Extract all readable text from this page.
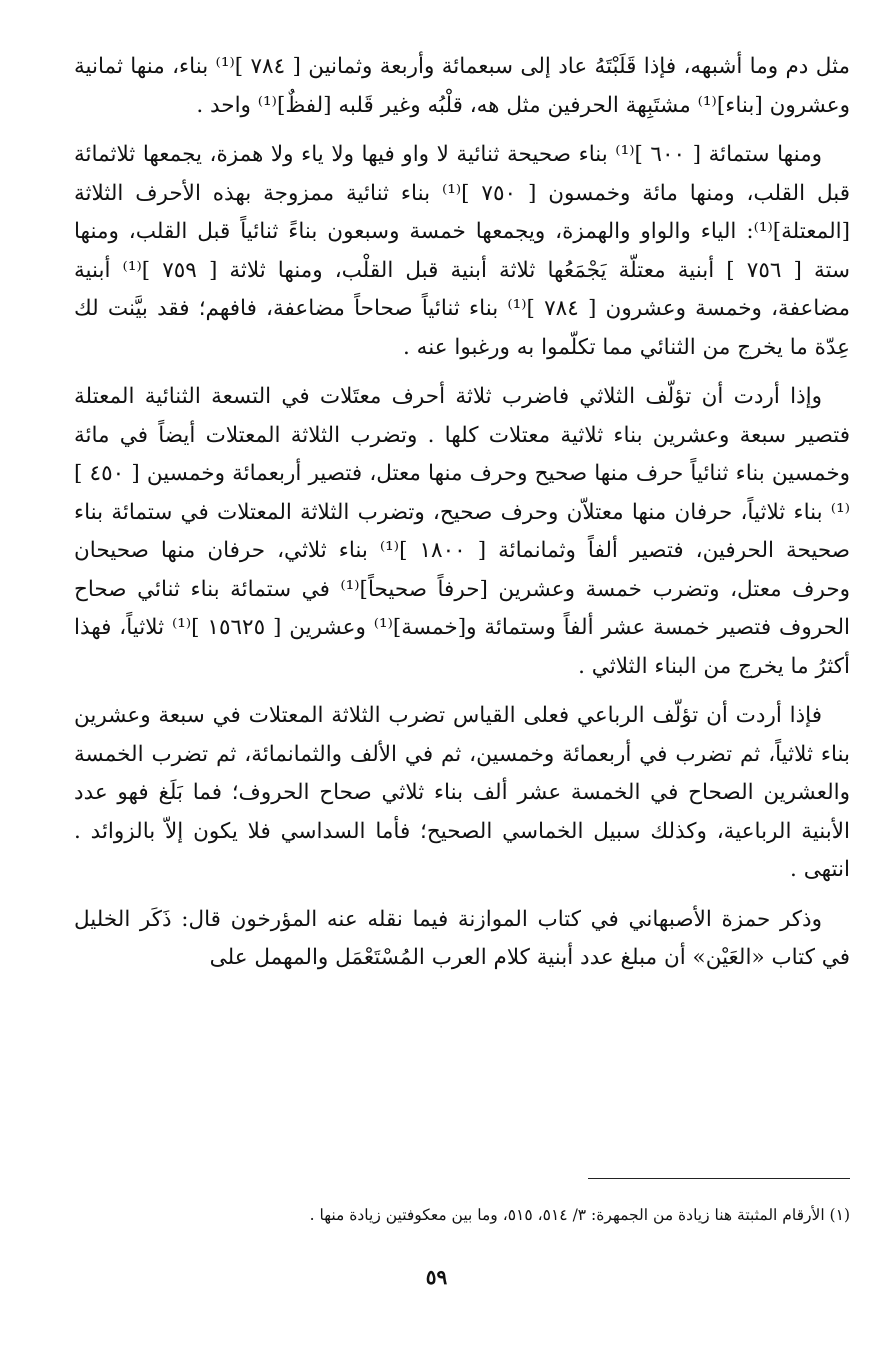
مثل دم وما أشبهه، فإذا قَلَبْتَهُ عاد إلى سبعمائة وأربعة وثمانين [ ٧٨٤ ]⁽¹⁾ بناء، منها ثمانية وعشرون [بناء]⁽¹⁾ مشتَبِهة الحرفين مثل هه، قلْبُه وغير قَلبه [لفظٌ]⁽¹⁾ واحد .

ومنها ستمائة [ ٦٠٠ ]⁽¹⁾ بناء صحيحة ثنائية لا واو فيها ولا ياء ولا همزة، يجمعها ثلاثمائة قبل القلب، ومنها مائة وخمسون [ ٧٥٠ ]⁽¹⁾ بناء ثنائية ممزوجة بهذه الأحرف الثلاثة [المعتلة]⁽¹⁾: الياء والواو والهمزة، ويجمعها خمسة وسبعون بناءً ثنائياً قبل القلب، ومنها ستة [ ٧٥٦ ] أبنية معتلّة يَجْمَعُها ثلاثة أبنية قبل القلْب، ومنها ثلاثة [ ٧٥٩ ]⁽¹⁾ أبنية مضاعفة، وخمسة وعشرون [ ٧٨٤ ]⁽¹⁾ بناء ثنائياً صحاحاً مضاعفة، فافهم؛ فقد بيَّنت لك عِدّة ما يخرج من الثنائي مما تكلّموا به ورغبوا عنه .

وإذا أردت أن تؤلّف الثلاثي فاضرب ثلاثة أحرف معتَلات في التسعة الثنائية المعتلة فتصير سبعة وعشرين بناء ثلاثية معتلات كلها . وتضرب الثلاثة المعتلات أيضاً في مائة وخمسين بناء ثنائياً حرف منها صحيح وحرف منها معتل، فتصير أربعمائة وخمسين [ ٤٥٠ ]⁽¹⁾ بناء ثلاثياً، حرفان منها معتلاّن وحرف صحيح، وتضرب الثلاثة المعتلات في ستمائة بناء صحيحة الحرفين، فتصير ألفاً وثمانمائة [ ١٨٠٠ ]⁽¹⁾ بناء ثلاثي، حرفان منها صحيحان وحرف معتل، وتضرب خمسة وعشرين [حرفاً صحيحاً]⁽¹⁾ في ستمائة بناء ثنائي صحاح الحروف فتصير خمسة عشر ألفاً وستمائة و[خمسة]⁽¹⁾ وعشرين [ ١٥٦٢٥ ]⁽¹⁾ ثلاثياً، فهذا أكثرُ ما يخرج من البناء الثلاثي .

فإذا أردت أن تؤلّف الرباعي فعلى القياس تضرب الثلاثة المعتلات في سبعة وعشرين بناء ثلاثياً، ثم تضرب في أربعمائة وخمسين، ثم في الألف والثمانمائة، ثم تضرب الخمسة والعشرين الصحاح في الخمسة عشر ألف بناء ثلاثي صحاح الحروف؛ فما بَلَغ فهو عدد الأبنية الرباعية، وكذلك سبيل الخماسي الصحيح؛ فأما السداسي فلا يكون إلاّ بالزوائد . انتهى .

وذكر حمزة الأصبهاني في كتاب الموازنة فيما نقله عنه المؤرخون قال: ذَكَر الخليل في كتاب «العَيْن» أن مبلغ عدد أبنية كلام العرب المُسْتَعْمَل والمهمل على

(١) الأرقام المثبتة هنا زيادة من الجمهرة: ٣/ ٥١٤، ٥١٥، وما بين معكوفتين زيادة منها .
٥٩
